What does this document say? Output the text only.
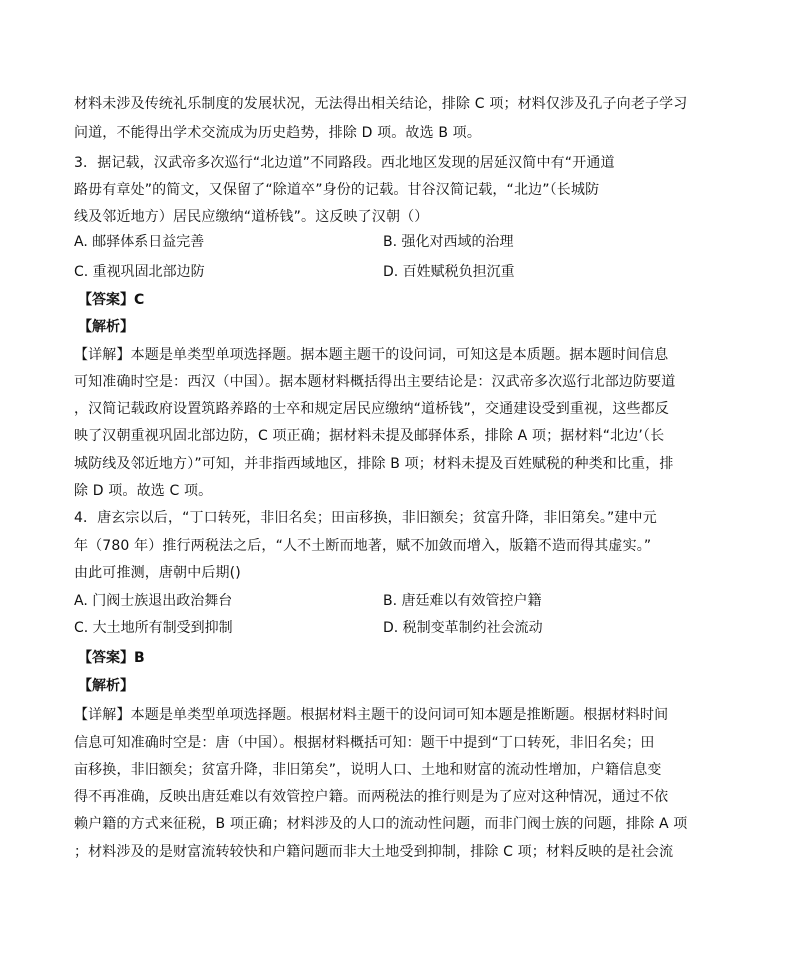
材料未涉及传统礼乐制度的发展状况，无法得出相关结论，排除 C 项；材料仅涉及孔子向老子学习
问道，不能得出学术交流成为历史趋势，排除 D 项。故选 B 项。
3．据记载，汉武帝多次巡行“北边道”不同路段。西北地区发现的居延汉简中有“开通道
路毋有章处”的简文，又保留了“除道卒”身份的记载。甘谷汉简记载，“北边”（长城防
线及邻近地方）居民应缴纳“道桥钱”。这反映了汉朝（）
A. 邮驿体系日益完善	B. 强化对西域的治理
C. 重视巩固北部边防	D. 百姓赋税负担沉重
【答案】C
【解析】
【详解】本题是单类型单项选择题。据本题主题干的设问词，可知这是本质题。据本题时间信息
可知准确时空是：西汉（中国）。据本题材料概括得出主要结论是：汉武帝多次巡行北部边防要道
，汉简记载政府设置筑路养路的士卒和规定居民应缴纳“道桥钱”，交通建设受到重视，这些都反
映了汉朝重视巩固北部边防，C 项正确；据材料未提及邮驿体系，排除 A 项；据材料“北边’（长
城防线及邻近地方）”可知，并非指西域地区，排除 B 项；材料未提及百姓赋税的种类和比重，排
除 D 项。故选 C 项。
4．唐玄宗以后，“丁口转死，非旧名矣；田亩移换，非旧额矣；贫富升降，非旧第矣。”建中元
年（780 年）推行两税法之后，“人不土断而地著，赋不加敛而增入，版籍不造而得其虚实。”
由此可推测，唐朝中后期()
A. 门阀士族退出政治舞台	B. 唐廷难以有效管控户籍
C. 大土地所有制受到抑制	D. 税制变革制约社会流动
【答案】B
【解析】
【详解】本题是单类型单项选择题。根据材料主题干的设问词可知本题是推断题。根据材料时间
信息可知准确时空是：唐（中国）。根据材料概括可知：题干中提到“丁口转死，非旧名矣；田
亩移换，非旧额矣；贫富升降，非旧第矣”，说明人口、土地和财富的流动性增加，户籍信息变
得不再准确，反映出唐廷难以有效管控户籍。而两税法的推行则是为了应对这种情况，通过不依
赖户籍的方式来征税，B 项正确；材料涉及的人口的流动性问题，而非门阀士族的问题，排除 A 项
；材料涉及的是财富流转较快和户籍问题而非大土地受到抑制，排除 C 项；材料反映的是社会流
